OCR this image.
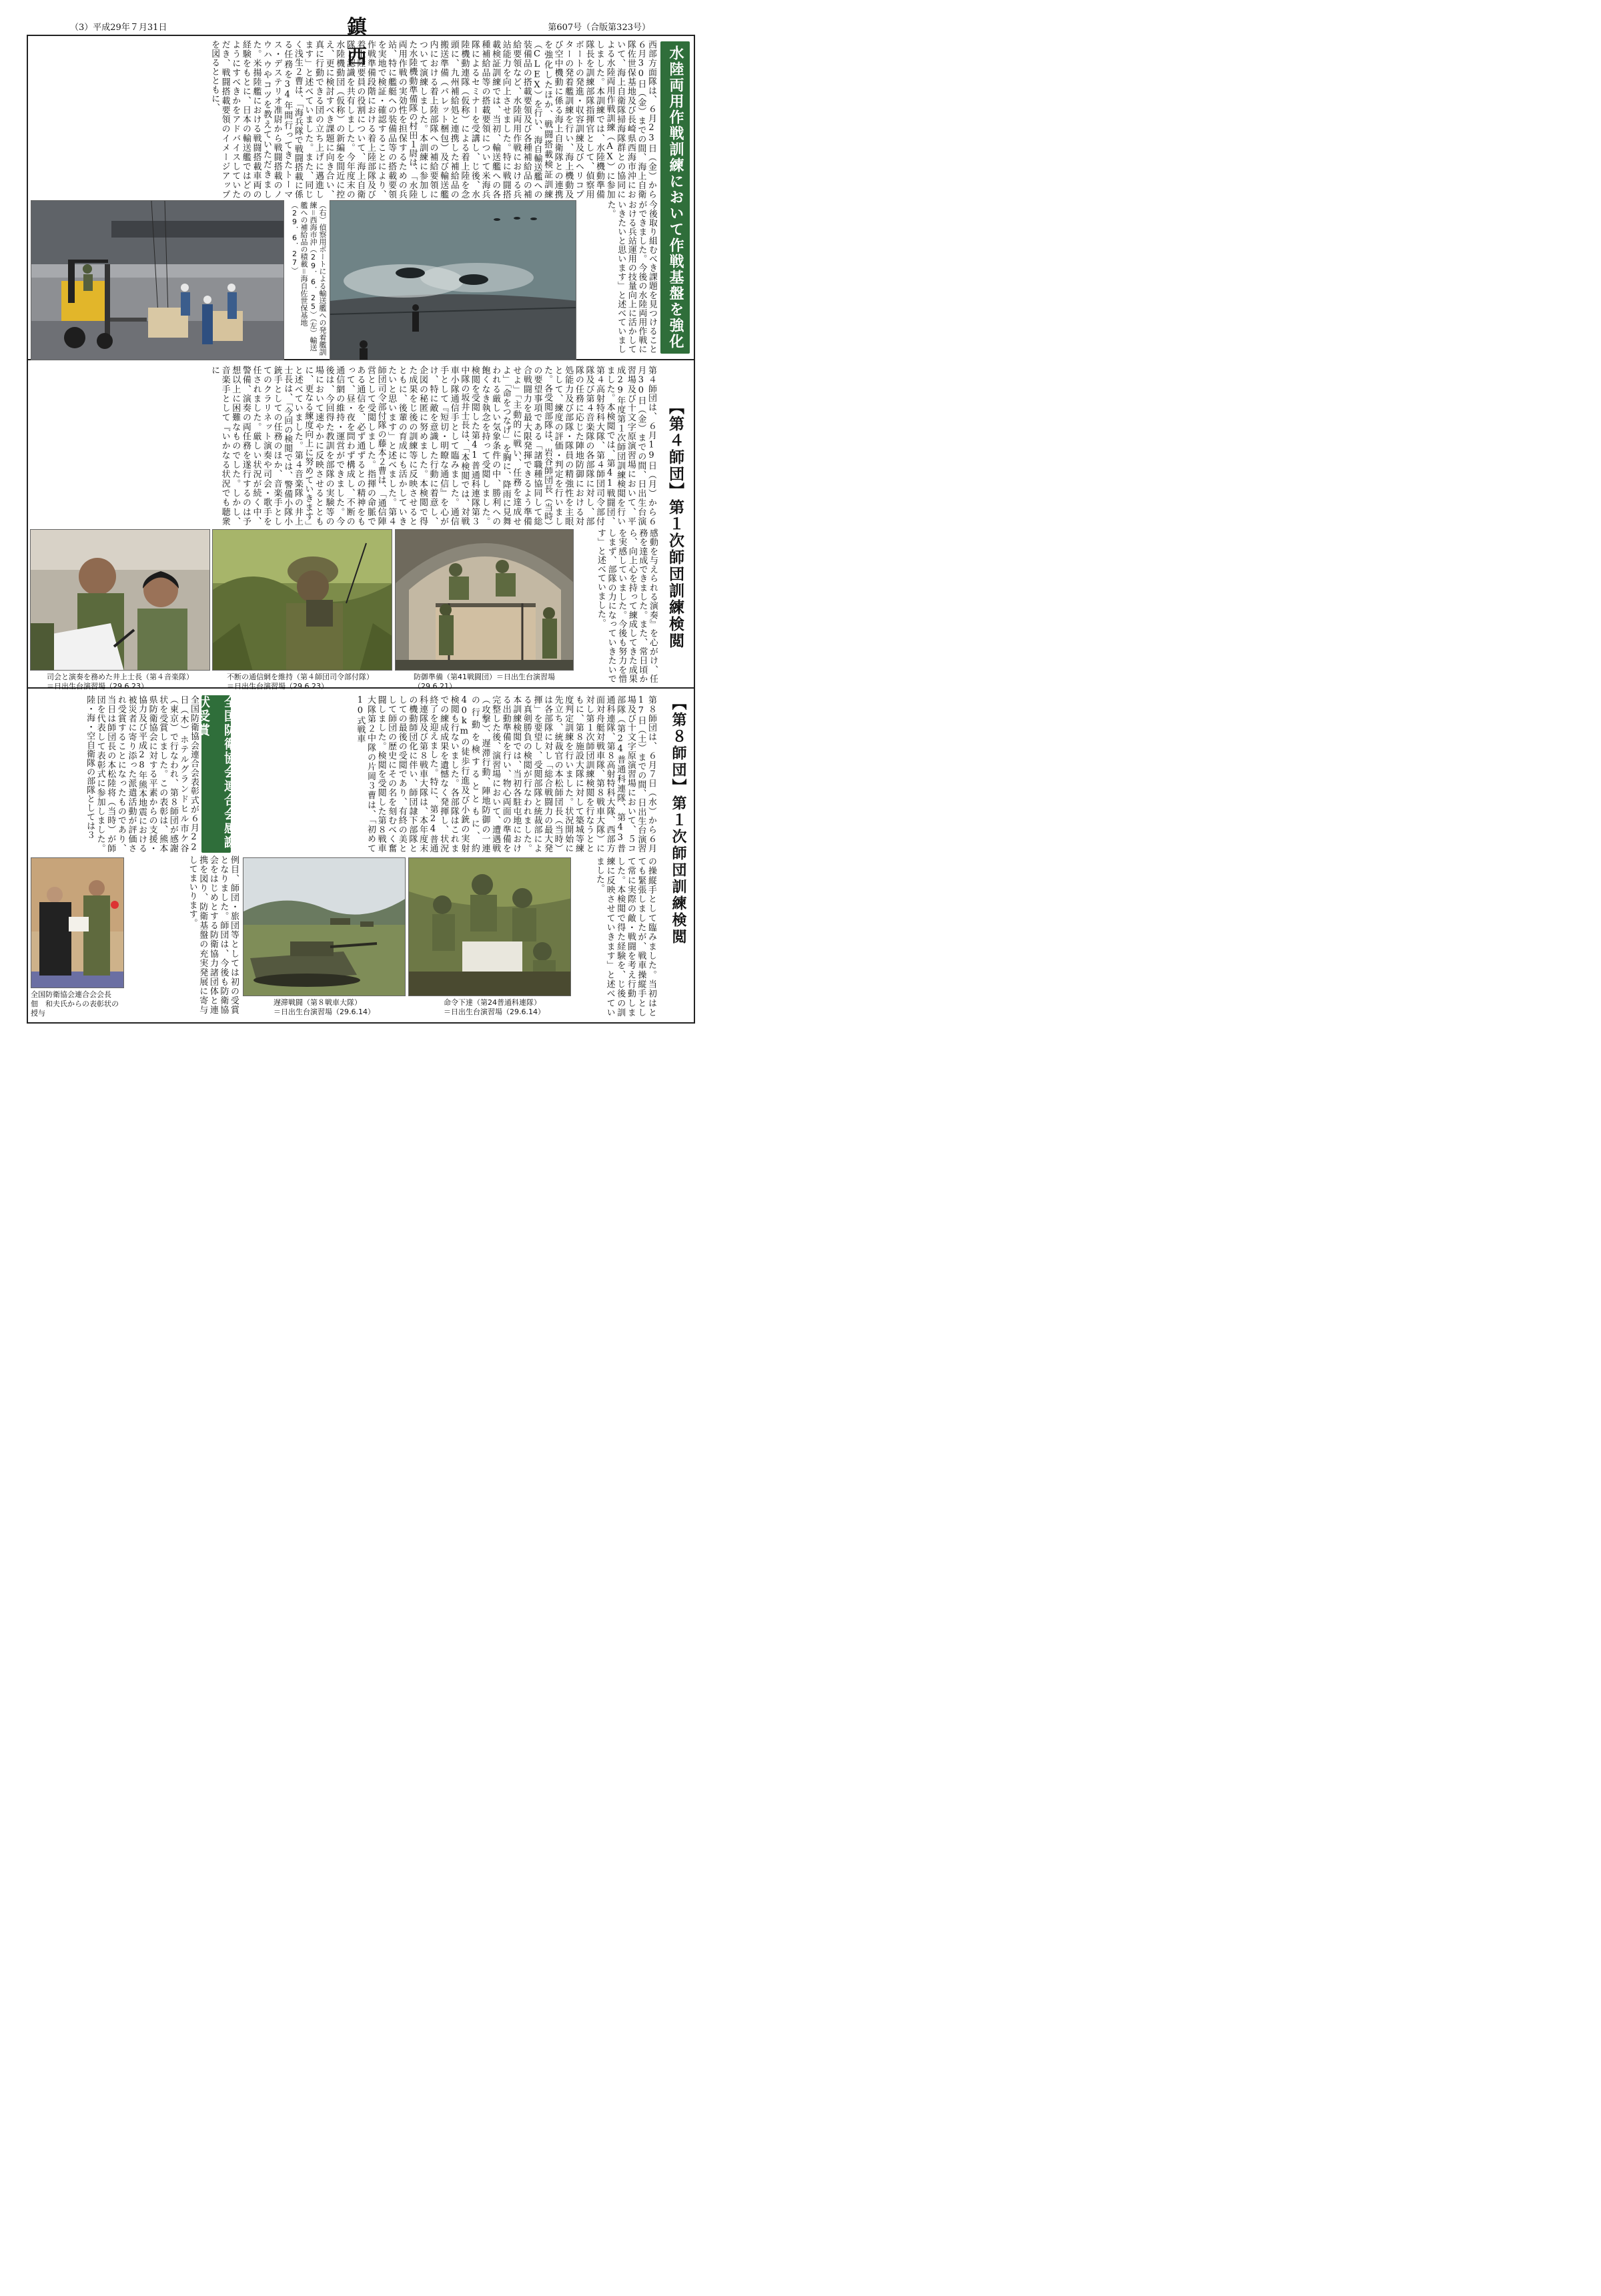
（3）平成29年７月31日	鎮　西
第607号（合版第323号）
水陸両用作戦訓練において作戦基盤を強化
西部方面隊は、６月23日（金）から６月30日（金）までの間、海上自衛隊佐世保基地及び長崎県西海市沖において、海上自衛隊掃海隊群との協同による水陸両用作戦訓練（AX）に参加しました。本訓練では、水陸機動準備隊長を訓練部隊指揮官として、偵察用ボートの発進・収容訓練及びヘリコプターの発着艦訓練を行い、海上機動及び空中機動に係る海上自衛隊との連携を強化したほか、戦闘搭載検証訓練（CLEX）を行い、海自輸送艦への装備品の搭載要領及び各種補給品の補給要領など、水陸両用作戦における兵站能力を向上させました。特に戦闘搭載検証訓練では、当初、輸送艦への各種補給品等の搭載要領について米海兵隊によるセミナーを受講し、じ後、水陸機動連隊（仮称）による着上陸を念頭に、九州補給処と連携した補給品の搬送準備（パレット梱包）及び輸送艦内における着上陸部隊への補給要領について演練しました。本訓練に参加した水陸機動準備隊の村田１尉は、「水陸両用作戦の実効性を担保するための兵站、特に艦艇への装備品等の搭載要領を実地で検証・確認することにより、作戦準備段階における着上陸部隊及び着上陸要員の役割について、海上自衛隊と認識を共有しました。今年度末の水陸機動団（仮称）の新編を間近に控え、更に検討すべき課題に向き合い、真に行動できる団の立ち上げに邁進します」と述べていました。また、同じく浅生２曹は、「海兵隊で戦闘搭載に係る任務を34年間行ってきたトーマス・デステリオ准尉から戦闘搭載のノウハウやコツを教えていただきました。米揚陸艦における戦闘搭載車両の経験をもとに、日本の輸送艦ではどのようにすべきかをアドバイスしていただき、戦闘搭載要領のイメージアップを図るとともに、
今後取り組むべき課題を見つけることができました。今後の水陸両用作戦における兵站運用の技量向上に活かしていきたいと思います」と述べていました。
（右）偵察用ボートによる輸送艦への発着艦訓練＝西海市沖（29．6．25）（左）輸送艦への補給品の積載＝海自佐世保基地（29．6．27）
【第４師団】第１次師団訓練検閲
第４師団は、６月19日（月）から６月30日（金）までの間、日出生台演習場及び十文字原演習場において、平成29年度第１次師団訓練検閲を行いました。本検閲では、第41戦闘団、第４高射特科大隊、第４師団司令部付隊及び第４音楽隊の各部隊に対し、部隊の任務に応じた陣地防御における対処能力及び部隊・隊員の精強性を主眼として、練度の評価・判定を行いました。各受閲部隊は、岩谷師団長（当時）の要望事項である「諸職種協同して総合戦闘力を最大限発揮できるよう準備せよ」「主動的に戦い、任務を達成せよ」「命をつなげ」を胸に、降雨に見舞われる厳しい気象条件の中、勝利への飽くなき執念を持って受閲しました。検閲を受閲した第41普通科連隊第３中隊の坂井士長は、「本検閲では、対戦車小隊通信手として臨みました。通信手として『短切・明瞭な通信』を心がけ、特に敵を意識した行動に着意し、企図の秘匿に努めました。本検閲で得た成果をじ後の訓練等に反映させるとともに、後輩の育成にも活かしていきたいと思います」と述べました。第４師団司令部付隊の藤本２曹は、「通信陣営として受閲しました。指揮の命脈である通信を、必ず通ずるとの精神をもって、昼・夜を問わず構成し、不断の通信網の維持・運営ができました。今後は、今回得た教訓を部隊の実験等の場において速やかに反映させるとともに、更なる練度向上に努めていきます」と述べていました。第４音楽隊の井上士長は、「今回の検閲では、警備小隊小銃手としての任務のほか、音楽手としてのクラリネット演奏や司会・歌手を任されました。厳しい状況が続く中、警備、演奏の両任務を遂行するのは予想以上に困難なものでした。しかし、音楽手として『いかなる状況でも聴衆に
感動を与えられる演奏』を心がけ、任務を達成できました。また、常日頃から、向上心を持って練成してきた成果を実感していました。今後も努力を惜しまず、部隊の力になっていきたいです」と述べていました。
司会と演奏を務めた井上士長（第４音楽隊）
＝日出生台演習場（29.6.23）
不断の通信網を維持（第４師団司令部付隊）
＝日出生台演習場（29.6.23）
防御準備（第41戦闘団）＝日出生台演習場（29.6.21）
【第８師団】第１次師団訓練検閲
第８師団は、６月７日（水）から６月17日（土）までの間、日出生台演習場及び十文字原演習場において、５コ部隊（第24普通科連隊、第43普通科連隊、第８高射特科大隊、西部方面対舟艇対戦車隊、第８戦車大隊）に対し第１次師団訓練検閲を行なうとともに、第８施設大隊に対して築城等練度判定訓練を行いました。状況開始に先立ち、統裁官の本松師団長（当時）は各部隊に対し「総合戦闘力の最大発揮」を要望し、受閲部隊と統裁部による真剣勝負の検閲が行なわれました。本訓練検閲では、当初各駐屯地における出動準備を行い、物心両面の準備を完整した後、演習場において、遭遇戦（攻撃）、遅滞行動、陣地防御の一連の行動を検するとともに、約40kmの徒歩行進及び小銃の実射検閲も行ないました。各部隊はこれまでの練成成果を遺憾なく発揮し、状況終了を迎えました。特に、第24普通科連隊及び第８戦車大隊は、本年度末の機動師団化に伴い、師団隷下部隊としての最後の受閲であり、有終の美として師団の歴史にその名を刻むべく奮闘しました。検閲を受閲した第８戦車大隊第２中隊の片岡３曹は、「初めて10式戦車
の操縦手として臨みました。当初はとても緊張しましたが、戦車操縦手として常に実際の敵・戦闘を考え行動しました。本検閲で得た経験を、じ後の訓練に反映させていきます」と述べていました。
遅滞戦闘（第８戦車大隊）
＝日出生台演習場（29.6.14）
命令下達（第24普通科連隊）
＝日出生台演習場（29.6.14）
全国防衛協会連合会感謝状受賞
全国防衛協会連合会表彰式が６月22日（木）ホテルグランドヒル市ケ谷（東京）で行なわれ、第８師団が感謝状を受賞しました。この表彰は、熊本県防衛協会に対する平素からの支援・協力及び平成28年熊本地震における被災者に寄り添った派遣活動が評価され受賞することになったものであり、当日は師団長の本松陸将（当時）が師団を代表して表彰式に参加しました。陸・海・空自衛隊の部隊としては３
例目、師団・旅団等としては初の受賞となりました。師団は、今後も防衛協会をはじめとする防衛協力諸団体と連携を図り、防衛基盤の充実発展に寄与してまいります。
全国防衛協会連合会会長　佃　和夫氏からの表彰状の授与
